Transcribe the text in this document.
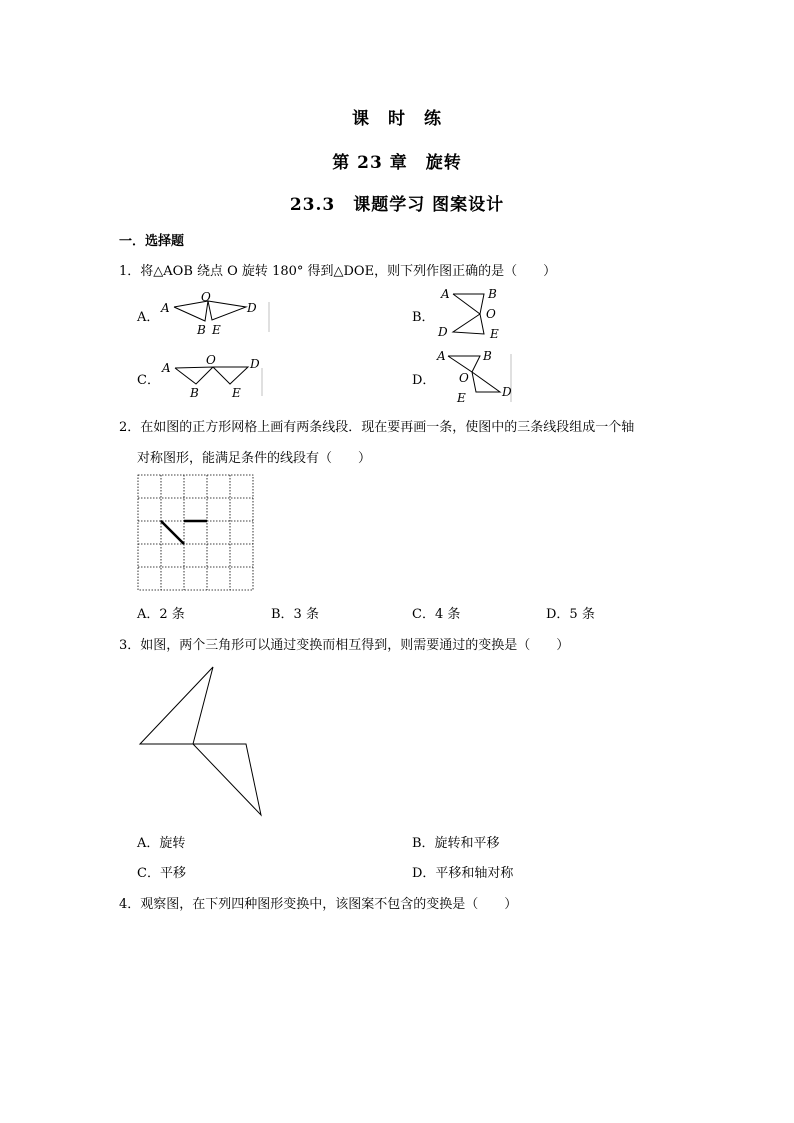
课　时　练
第 23 章　旋转
23.3　课题学习 图案设计
一．选择题
1．将△AOB 绕点 O 旋转 180° 得到△DOE，则下列作图正确的是（　　）
A．
A
O
D
B E
B．
A	B
O
D	E
C．
A
O	D
B	E
D．
A	B
O
E	D
2．在如图的正方形网格上画有两条线段．现在要再画一条，使图中的三条线段组成一个轴
对称图形，能满足条件的线段有（　　）
A．2 条	B．3 条	C．4 条	D．5 条
3．如图，两个三角形可以通过变换而相互得到，则需要通过的变换是（　　）
A．旋转	B．旋转和平移
C．平移	D．平移和轴对称
4．观察图，在下列四种图形变换中，该图案不包含的变换是（　　）
